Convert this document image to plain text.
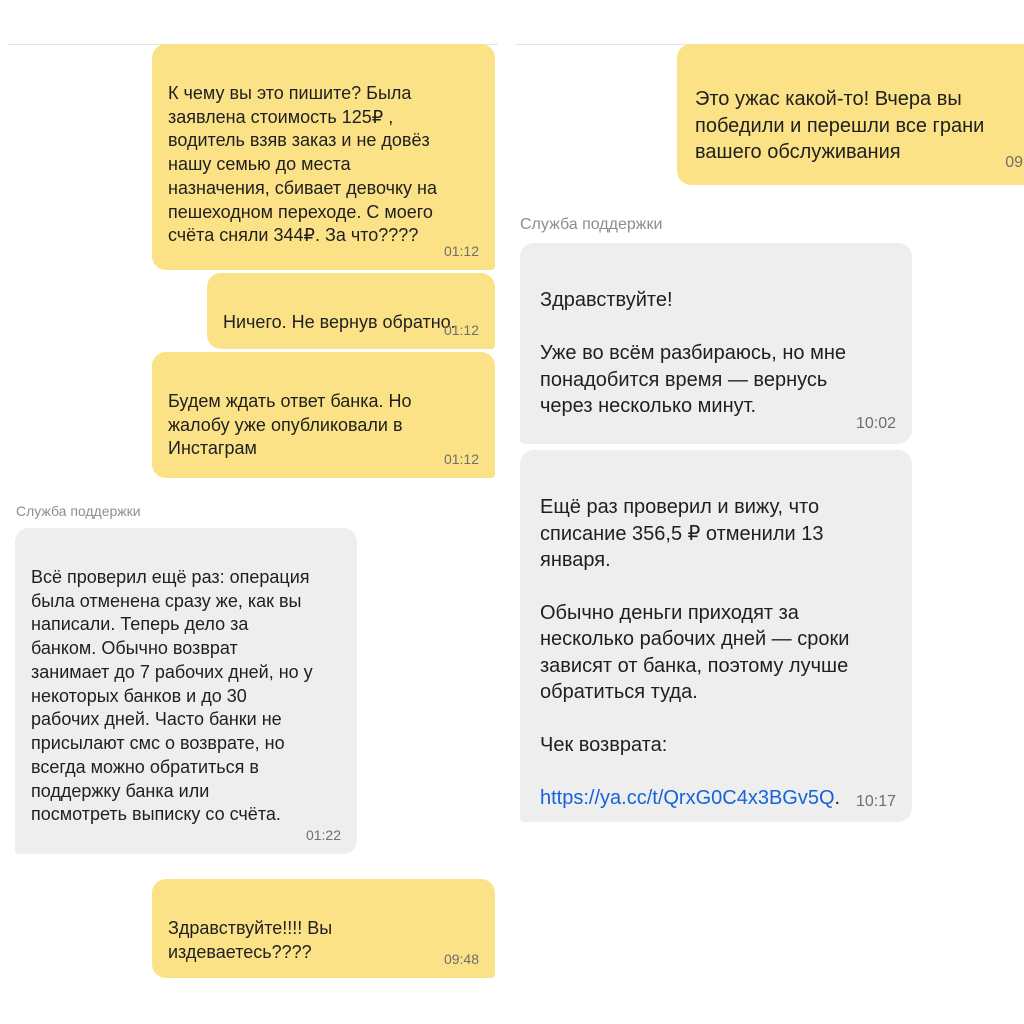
К чему вы это пишите? Была
заявлена стоимость 125₽ ,
водитель взяв заказ и не довёз
нашу семью до места
назначения, сбивает девочку на
пешеходном переходе. С моего
счёта сняли 344₽. За что????

01:12

Ничего. Не вернув обратно.

01:12

Будем ждать ответ банка. Но
жалобу уже опубликовали в
Инстаграм

01:12

Служба поддержки

Всё проверил ещё раз: операция
была отменена сразу же, как вы
написали. Теперь дело за
банком. Обычно возврат
занимает до 7 рабочих дней, но у
некоторых банков и до 30
рабочих дней. Часто банки не
присылают смс о возврате, но
всегда можно обратиться в
поддержку банка или
посмотреть выписку со счёта.

01:22

Здравствуйте!!!! Вы
издеваетесь????	09:48

Это ужас какой-то! Вчера вы
победили и перешли все грани
вашего обслуживания	09

Служба поддержки

Здравствуйте!

Уже во всём разбираюсь, но мне
понадобится время — вернусь
через несколько минут.

10:02

Ещё раз проверил и вижу, что
списание 356,5 ₽ отменили 13
января.

Обычно деньги приходят за
несколько рабочих дней — сроки
зависят от банка, поэтому лучше
обратиться туда.

Чек возврата:

https://ya.cc/t/QrxG0C4x3BGv5Q. 10:17
